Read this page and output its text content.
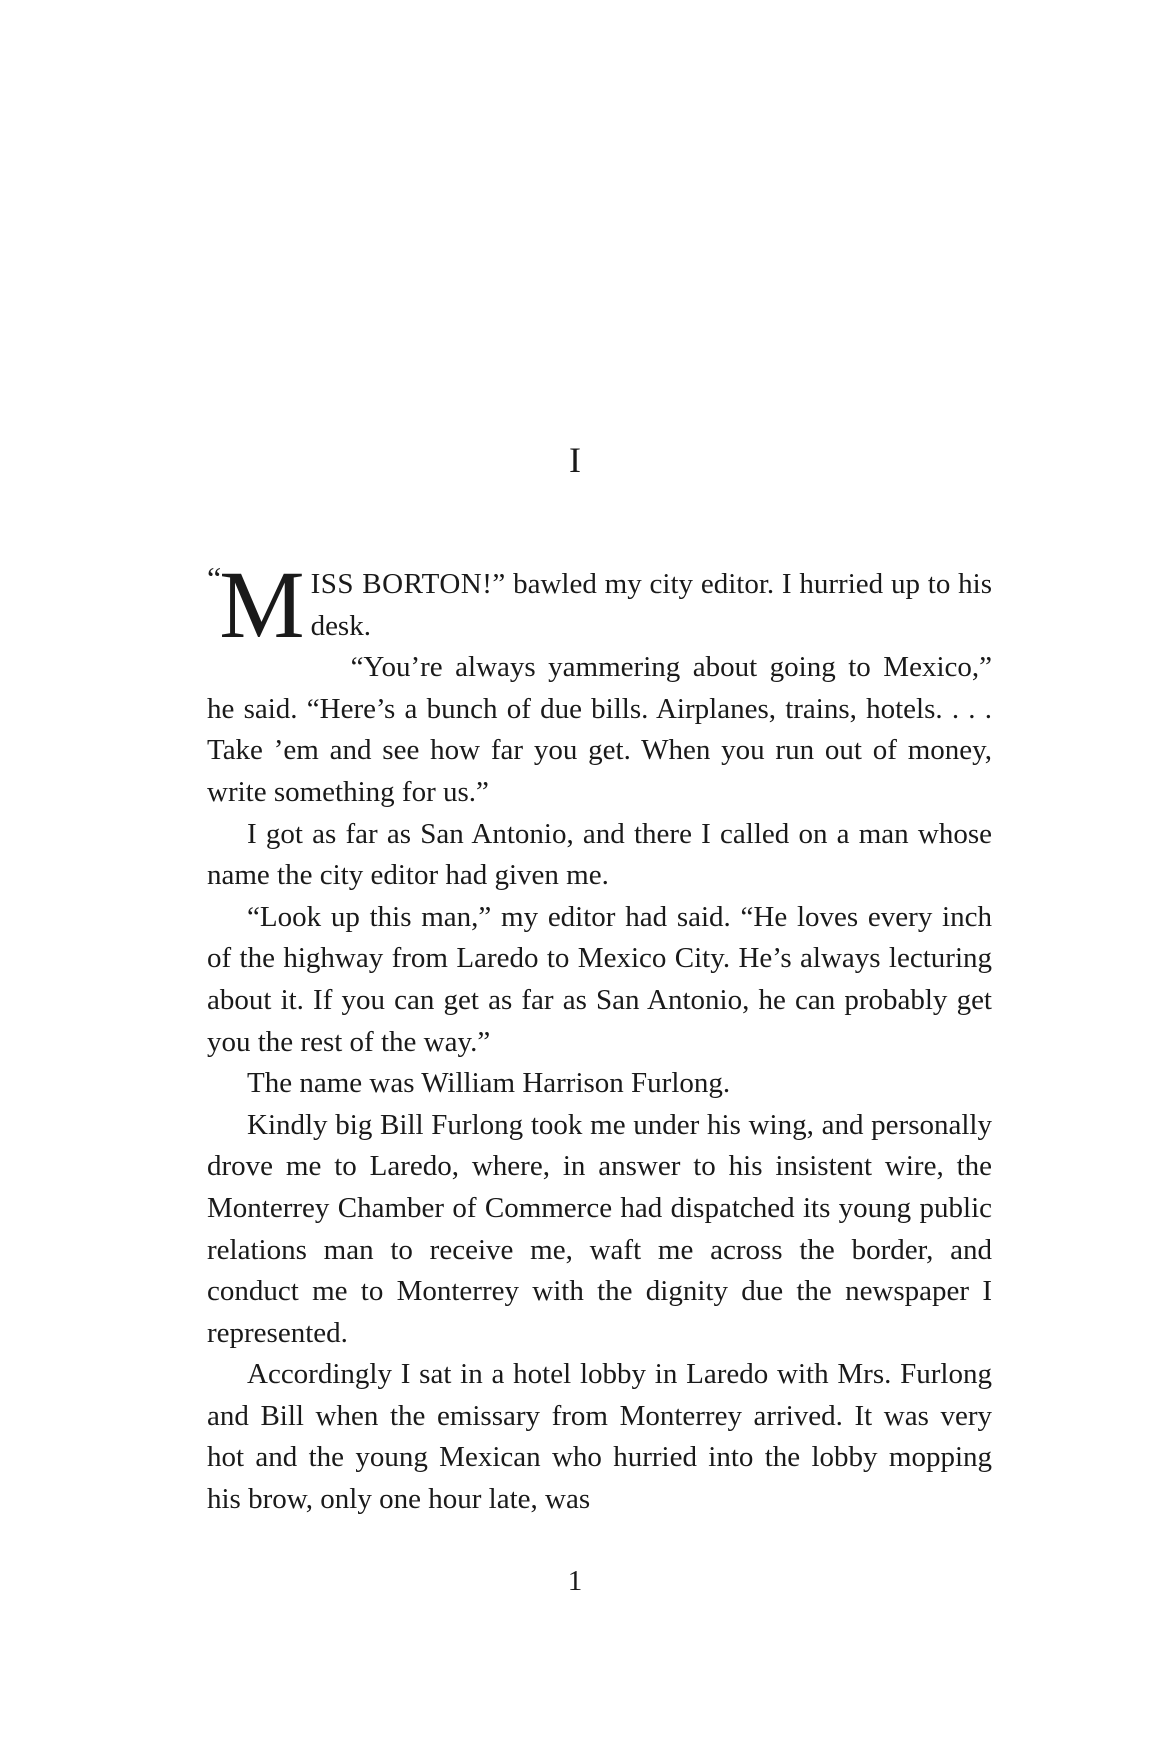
I

“
M ISS BORTON!” bawled my city editor. I hurried up to his desk.

“You’re always yammering about going to Mexico,” he said. “Here’s a bunch of due bills. Airplanes, trains, hotels. . . . Take ’em and see how far you get. When you run out of money, write something for us.”

I got as far as San Antonio, and there I called on a man whose name the city editor had given me.

“Look up this man,” my editor had said. “He loves every inch of the highway from Laredo to Mexico City. He’s always lecturing about it. If you can get as far as San Antonio, he can probably get you the rest of the way.”

The name was William Harrison Furlong.

Kindly big Bill Furlong took me under his wing, and personally drove me to Laredo, where, in answer to his insistent wire, the Monterrey Chamber of Commerce had dispatched its young public relations man to receive me, waft me across the border, and conduct me to Monterrey with the dignity due the newspaper I represented.

Accordingly I sat in a hotel lobby in Laredo with Mrs. Furlong and Bill when the emissary from Monterrey arrived. It was very hot and the young Mexican who hurried into the lobby mopping his brow, only one hour late, was

1
